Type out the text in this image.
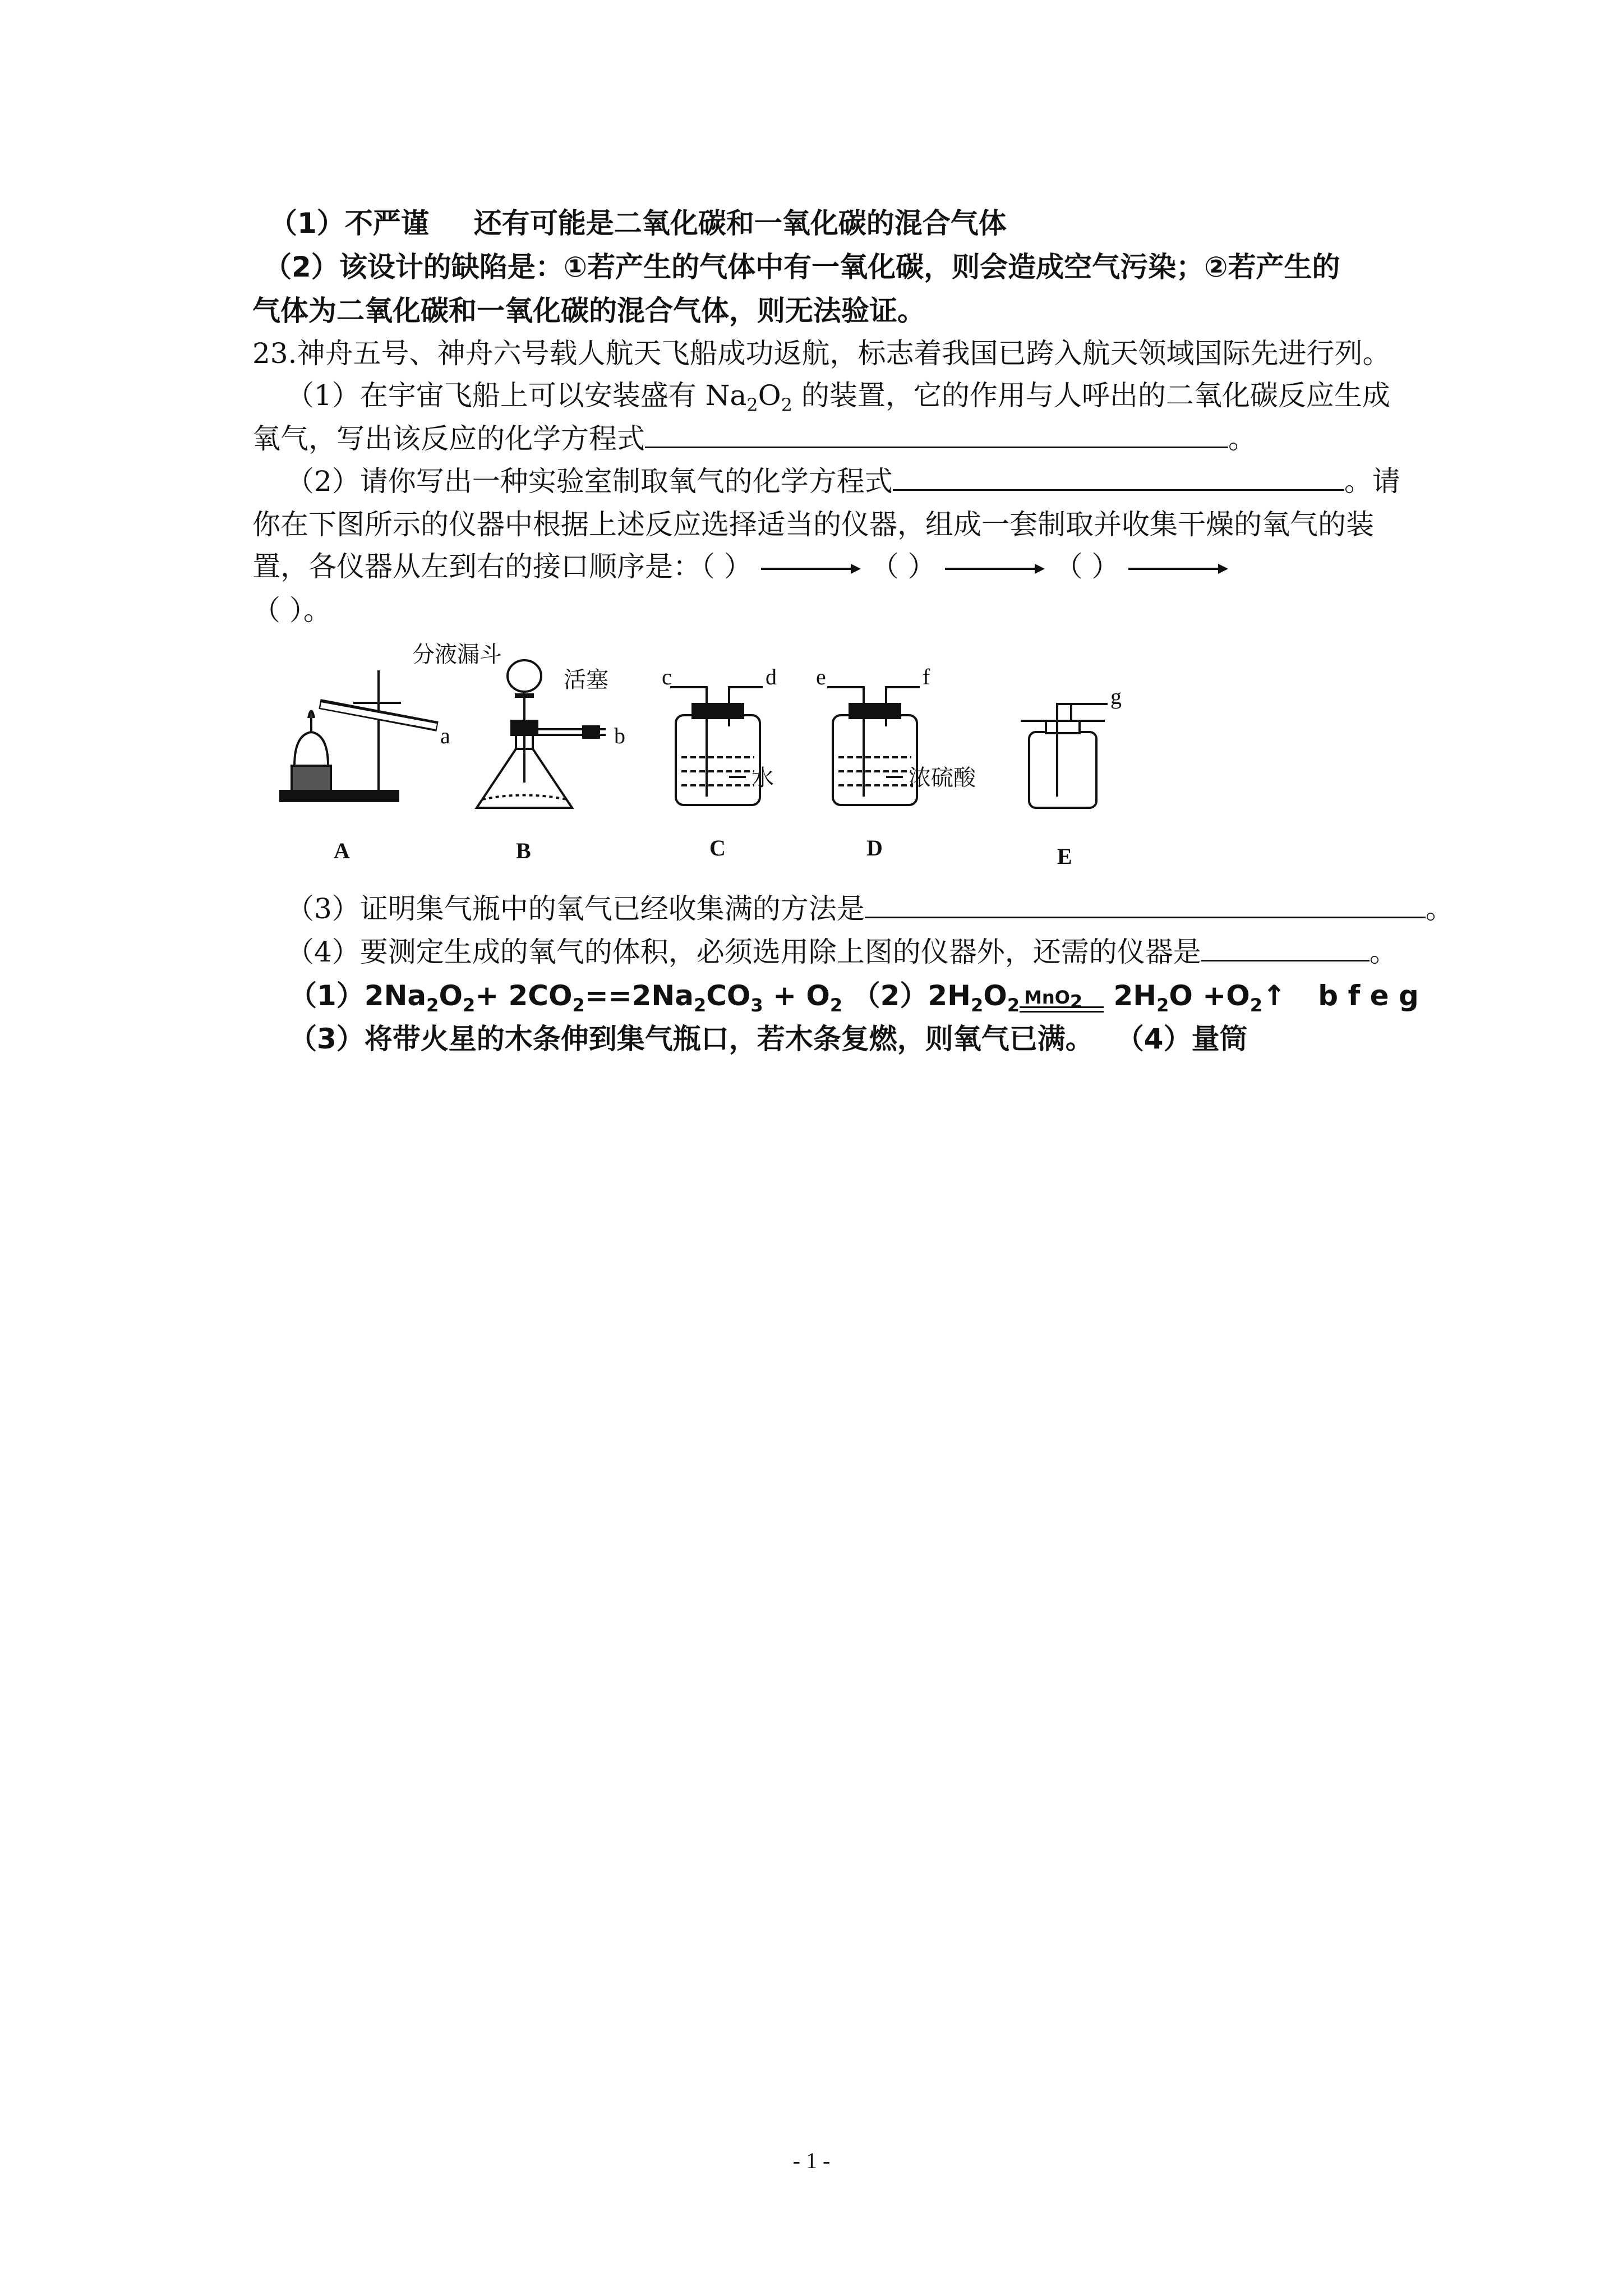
（1）不严谨 还有可能是二氧化碳和一氧化碳的混合气体
（2）该设计的缺陷是：①若产生的气体中有一氧化碳，则会造成空气污染；②若产生的
气体为二氧化碳和一氧化碳的混合气体，则无法验证。
23.神舟五号、神舟六号载人航天飞船成功返航，标志着我国已跨入航天领域国际先进行列。
（1）在宇宙飞船上可以安装盛有 $Na_2O_2$ 的装置，它的作用与人呼出的二氧化碳反应生成
氧气，写出该反应的化学方程式	。
（2）请你写出一种实验室制取氧气的化学方程式	。请
你在下图所示的仪器中根据上述反应选择适当的仪器，组成一套制取并收集干燥的氧气的装
置，各仪器从左到右的接口顺序是：（ ）	（ ）	（ ）
（ ）。
a	b
c	d e	f
g
A	B	C	D	E
分液漏斗
活塞
水	浓硫酸
（3）证明集气瓶中的氧气已经收集满的方法是	。
（4）要测定生成的氧气的体积，必须选用除上图的仪器外，还需的仪器是	。
$(1)2Na_2O_2+ 2CO_2==2Na_2CO_3 + O_2$ $(2)2H_2O_2$ MnO$_2$ $2H_2O$ $+O_2↑$ b f e g
（3）将带火星的木条伸到集气瓶口，若木条复燃，则氧气已满。 （4）量筒
- 1 -
